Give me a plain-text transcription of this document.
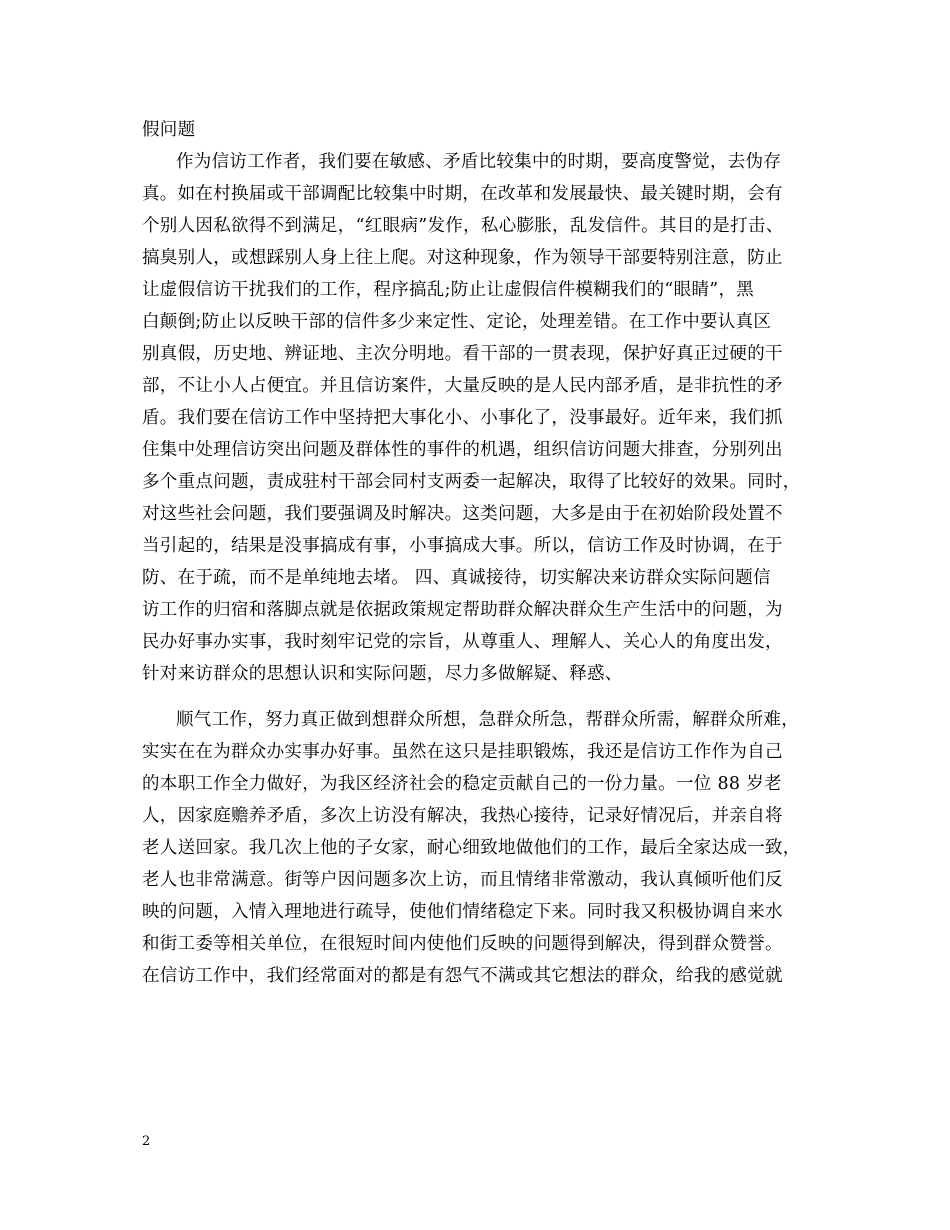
假问题
作为信访工作者，我们要在敏感、矛盾比较集中的时期，要高度警觉，去伪存
真。如在村换届或干部调配比较集中时期，在改革和发展最快、最关键时期，会有
个别人因私欲得不到满足，“红眼病”发作，私心膨胀，乱发信件。其目的是打击、
搞臭别人，或想踩别人身上往上爬。对这种现象，作为领导干部要特别注意，防止
让虚假信访干扰我们的工作，程序搞乱;防止让虚假信件模糊我们的“眼睛”，黑
白颠倒;防止以反映干部的信件多少来定性、定论，处理差错。在工作中要认真区
别真假，历史地、辨证地、主次分明地。看干部的一贯表现，保护好真正过硬的干
部，不让小人占便宜。并且信访案件，大量反映的是人民内部矛盾，是非抗性的矛
盾。我们要在信访工作中坚持把大事化小、小事化了，没事最好。近年来，我们抓
住集中处理信访突出问题及群体性的事件的机遇，组织信访问题大排查，分别列出
多个重点问题，责成驻村干部会同村支两委一起解决，取得了比较好的效果。同时，
对这些社会问题，我们要强调及时解决。这类问题，大多是由于在初始阶段处置不
当引起的，结果是没事搞成有事，小事搞成大事。所以，信访工作及时协调，在于
防、在于疏，而不是单纯地去堵。 四、真诚接待，切实解决来访群众实际问题信
访工作的归宿和落脚点就是依据政策规定帮助群众解决群众生产生活中的问题，为
民办好事办实事，我时刻牢记党的宗旨，从尊重人、理解人、关心人的角度出发，
针对来访群众的思想认识和实际问题，尽力多做解疑、释惑、
顺气工作，努力真正做到想群众所想，急群众所急，帮群众所需，解群众所难，
实实在在为群众办实事办好事。虽然在这只是挂职锻炼，我还是信访工作作为自己
的本职工作全力做好，为我区经济社会的稳定贡献自己的一份力量。一位 88 岁老
人，因家庭赡养矛盾，多次上访没有解决，我热心接待，记录好情况后，并亲自将
老人送回家。我几次上他的子女家，耐心细致地做他们的工作，最后全家达成一致，
老人也非常满意。街等户因问题多次上访，而且情绪非常激动，我认真倾听他们反
映的问题，入情入理地进行疏导，使他们情绪稳定下来。同时我又积极协调自来水
和街工委等相关单位，在很短时间内使他们反映的问题得到解决，得到群众赞誉。
在信访工作中，我们经常面对的都是有怨气不满或其它想法的群众，给我的感觉就
2
